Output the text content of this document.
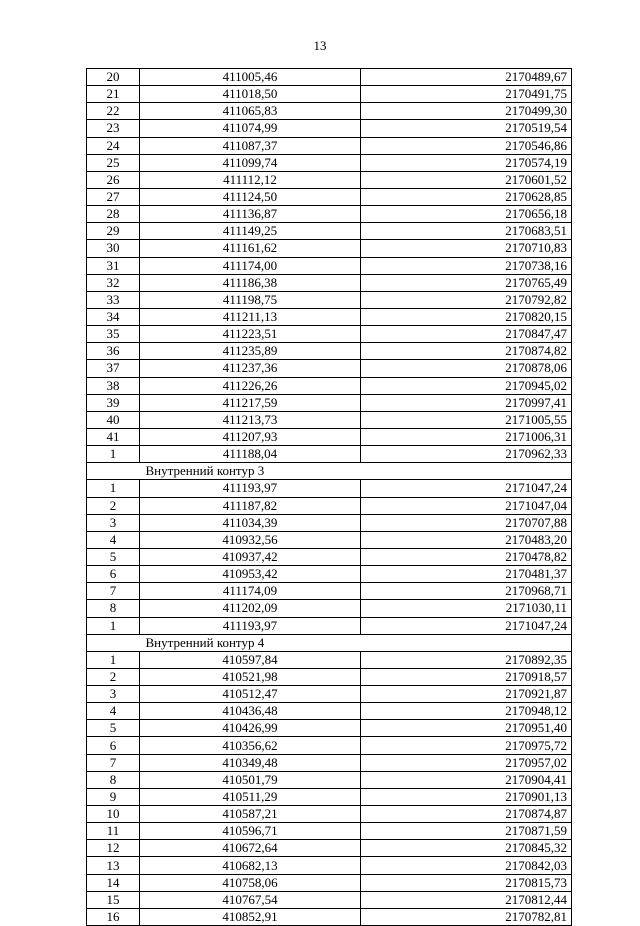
13
20	411005,46	2170489,67
21	411018,50	2170491,75
22	411065,83	2170499,30
23	411074,99	2170519,54
24	411087,37	2170546,86
25	411099,74	2170574,19
26	411112,12	2170601,52
27	411124,50	2170628,85
28	411136,87	2170656,18
29	411149,25	2170683,51
30	411161,62	2170710,83
31	411174,00	2170738,16
32	411186,38	2170765,49
33	411198,75	2170792,82
34	411211,13	2170820,15
35	411223,51	2170847,47
36	411235,89	2170874,82
37	411237,36	2170878,06
38	411226,26	2170945,02
39	411217,59	2170997,41
40	411213,73	2171005,55
41	411207,93	2171006,31
1	411188,04	2170962,33
	Внутренний контур 3	
1	411193,97	2171047,24
2	411187,82	2171047,04
3	411034,39	2170707,88
4	410932,56	2170483,20
5	410937,42	2170478,82
6	410953,42	2170481,37
7	411174,09	2170968,71
8	411202,09	2171030,11
1	411193,97	2171047,24
	Внутренний контур 4	
1	410597,84	2170892,35
2	410521,98	2170918,57
3	410512,47	2170921,87
4	410436,48	2170948,12
5	410426,99	2170951,40
6	410356,62	2170975,72
7	410349,48	2170957,02
8	410501,79	2170904,41
9	410511,29	2170901,13
10	410587,21	2170874,87
11	410596,71	2170871,59
12	410672,64	2170845,32
13	410682,13	2170842,03
14	410758,06	2170815,73
15	410767,54	2170812,44
16	410852,91	2170782,81
